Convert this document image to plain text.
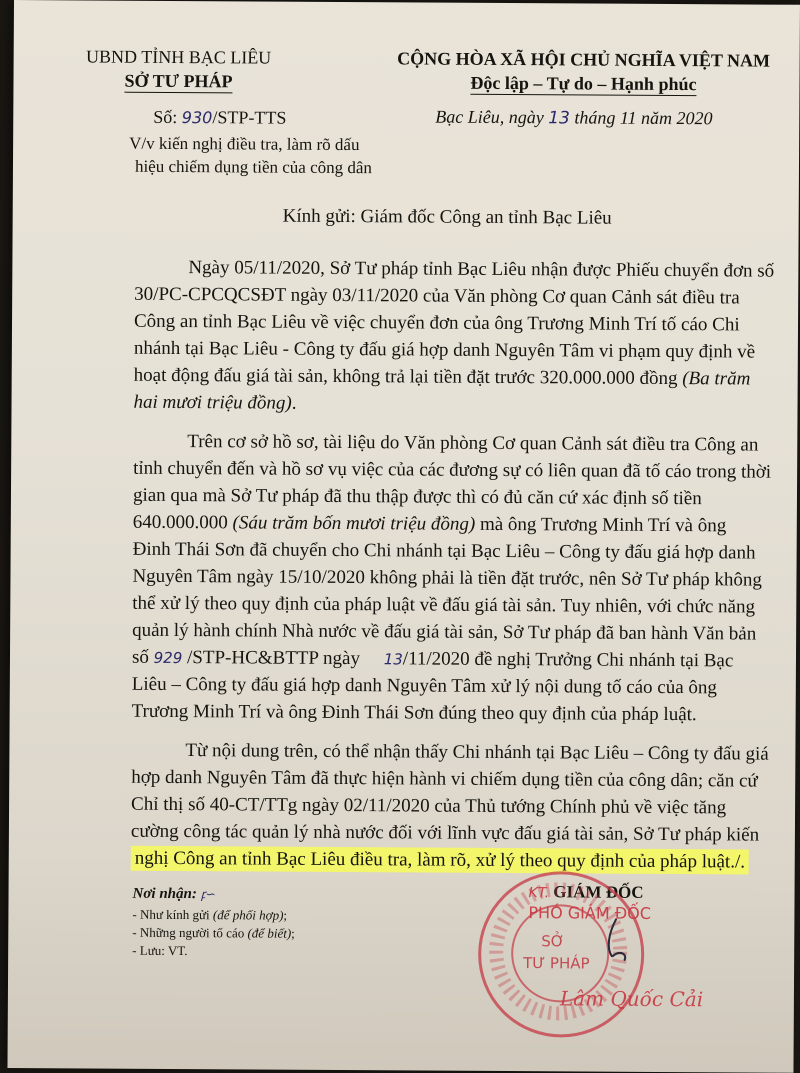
UBND TỈNH BẠC LIÊU
SỞ TƯ PHÁP
Số: 930/STP-TTS
V/v kiến nghị điều tra, làm rõ dấu
hiệu chiếm dụng tiền của công dân
CỘNG HÒA XÃ HỘI CHỦ NGHĨA VIỆT NAM
Độc lập – Tự do – Hạnh phúc
Bạc Liêu, ngày 13 tháng 11 năm 2020
Kính gửi: Giám đốc Công an tỉnh Bạc Liêu
Ngày 05/11/2020, Sở Tư pháp tỉnh Bạc Liêu nhận được Phiếu chuyển đơn số
30/PC-CPCQCSĐT ngày 03/11/2020 của Văn phòng Cơ quan Cảnh sát điều tra
Công an tỉnh Bạc Liêu về việc chuyển đơn của ông Trương Minh Trí tố cáo Chi
nhánh tại Bạc Liêu - Công ty đấu giá hợp danh Nguyên Tâm vi phạm quy định về
hoạt động đấu giá tài sản, không trả lại tiền đặt trước 320.000.000 đồng (Ba trăm
hai mươi triệu đồng).
Trên cơ sở hồ sơ, tài liệu do Văn phòng Cơ quan Cảnh sát điều tra Công an
tỉnh chuyển đến và hồ sơ vụ việc của các đương sự có liên quan đã tố cáo trong thời
gian qua mà Sở Tư pháp đã thu thập được thì có đủ căn cứ xác định số tiền
640.000.000 (Sáu trăm bốn mươi triệu đồng) mà ông Trương Minh Trí và ông
Đinh Thái Sơn đã chuyển cho Chi nhánh tại Bạc Liêu – Công ty đấu giá hợp danh
Nguyên Tâm ngày 15/10/2020 không phải là tiền đặt trước, nên Sở Tư pháp không
thể xử lý theo quy định của pháp luật về đấu giá tài sản. Tuy nhiên, với chức năng
quản lý hành chính Nhà nước về đấu giá tài sản, Sở Tư pháp đã ban hành Văn bản
số 929 /STP-HC&BTTP ngày 13/11/2020 đề nghị Trưởng Chi nhánh tại Bạc
Liêu – Công ty đấu giá hợp danh Nguyên Tâm xử lý nội dung tố cáo của ông
Trương Minh Trí và ông Đinh Thái Sơn đúng theo quy định của pháp luật.
Từ nội dung trên, có thể nhận thấy Chi nhánh tại Bạc Liêu – Công ty đấu giá
hợp danh Nguyên Tâm đã thực hiện hành vi chiếm dụng tiền của công dân; căn cứ
Chỉ thị số 40-CT/TTg ngày 02/11/2020 của Thủ tướng Chính phủ về việc tăng
cường công tác quản lý nhà nước đối với lĩnh vực đấu giá tài sản, Sở Tư pháp kiến
nghị Công an tỉnh Bạc Liêu điều tra, làm rõ, xử lý theo quy định của pháp luật./.
Nơi nhận: ꝼ∽
- Như kính gửi (để phối hợp);
- Những người tố cáo (để biết);
- Lưu: VT.
KT. GIÁM ĐỐC
PHÓ GIÁM ĐỐC
SỞ
TƯ PHÁP
Lâm Quốc Cải
